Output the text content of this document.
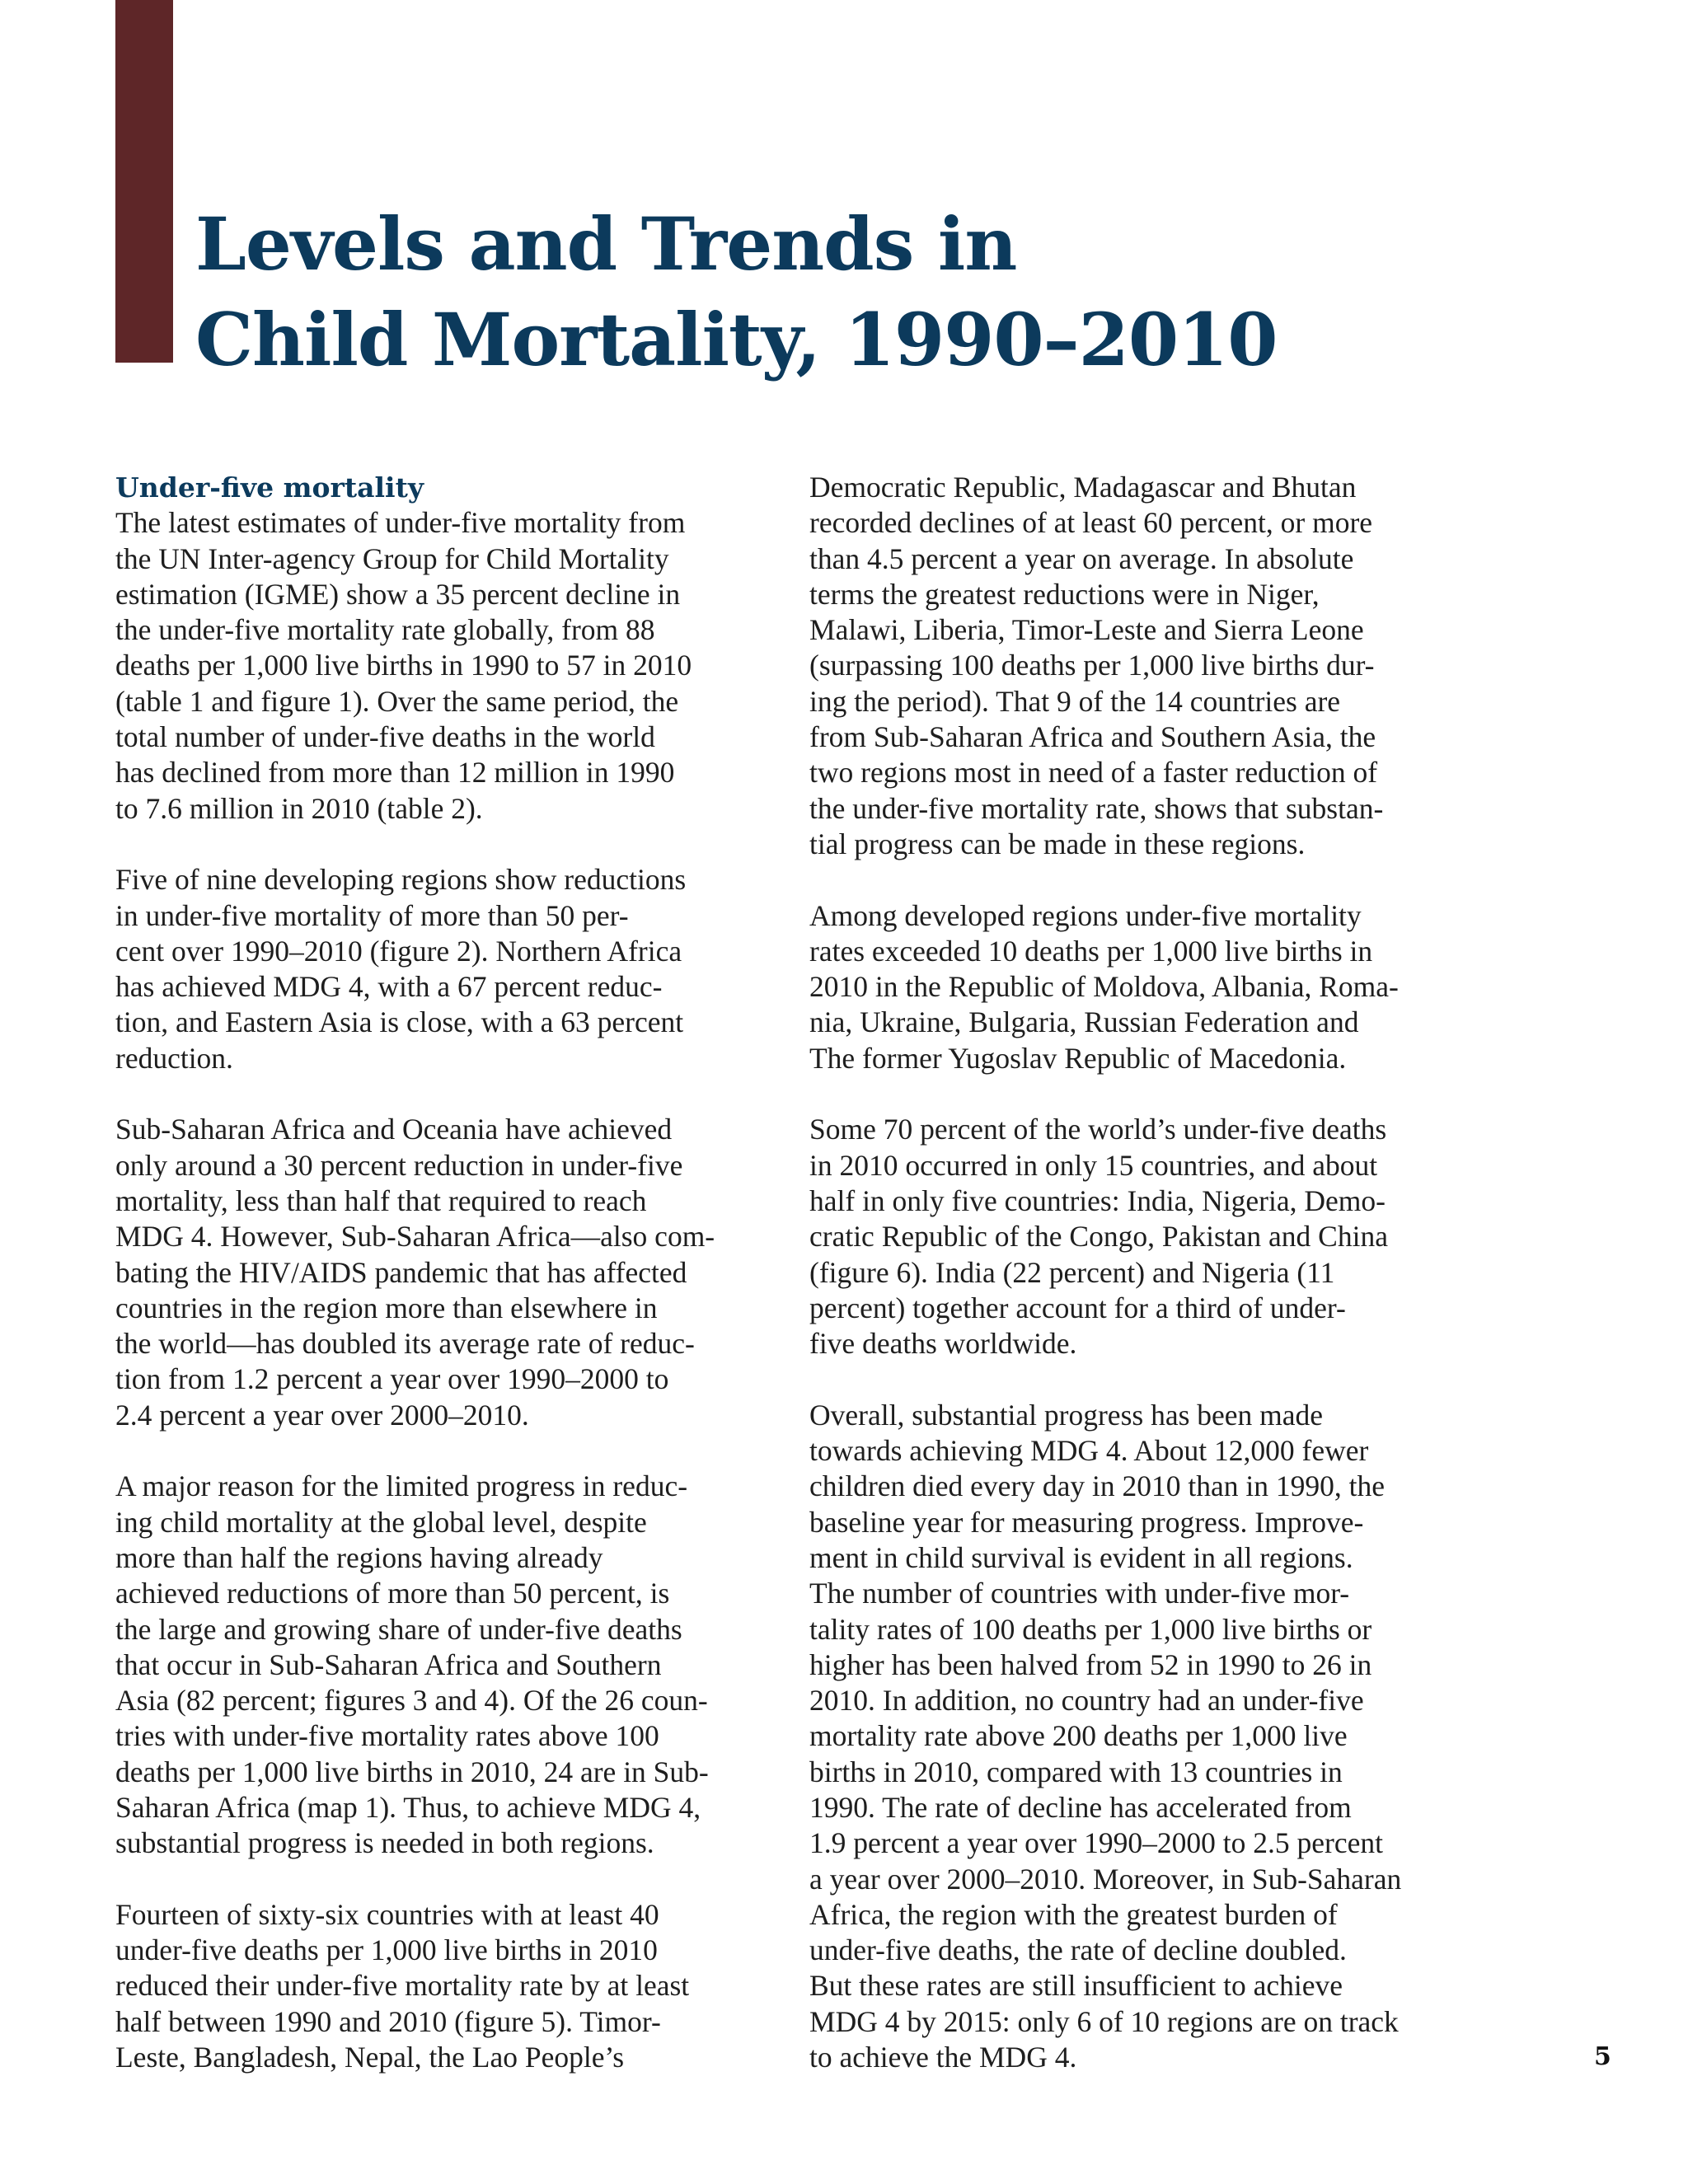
Levels and Trends in
Child Mortality, 1990–2010
Under-five mortality

The latest estimates of under-five mortality from
the UN Inter-agency Group for Child Mortality
estimation (IGME) show a 35 percent decline in
the under-five mortality rate globally, from 88
deaths per 1,000 live births in 1990 to 57 in 2010
(table 1 and figure 1). Over the same period, the
total number of under-five deaths in the world
has declined from more than 12 million in 1990
to 7.6 million in 2010 (table 2).

Five of nine developing regions show reductions
in under-five mortality of more than 50 per-
cent over 1990–2010 (figure 2). Northern Africa
has achieved MDG 4, with a 67 percent reduc-
tion, and Eastern Asia is close, with a 63 percent
reduction.

Sub-Saharan Africa and Oceania have achieved
only around a 30 percent reduction in under-five
mortality, less than half that required to reach
MDG 4. However, Sub-Saharan Africa—also com-
bating the HIV/AIDS pandemic that has affected
countries in the region more than elsewhere in
the world—has doubled its average rate of reduc-
tion from 1.2 percent a year over 1990–2000 to
2.4 percent a year over 2000–2010.

A major reason for the limited progress in reduc-
ing child mortality at the global level, despite
more than half the regions having already
achieved reductions of more than 50 percent, is
the large and growing share of under-five deaths
that occur in Sub-Saharan Africa and Southern
Asia (82 percent; figures 3 and 4). Of the 26 coun-
tries with under-five mortality rates above 100
deaths per 1,000 live births in 2010, 24 are in Sub-
Saharan Africa (map 1). Thus, to achieve MDG 4,
substantial progress is needed in both regions.

Fourteen of sixty-six countries with at least 40
under-five deaths per 1,000 live births in 2010
reduced their under-five mortality rate by at least
half between 1990 and 2010 (figure 5). Timor-
Leste, Bangladesh, Nepal, the Lao People’s

Democratic Republic, Madagascar and Bhutan
recorded declines of at least 60 percent, or more
than 4.5 percent a year on average. In absolute
terms the greatest reductions were in Niger,
Malawi, Liberia, Timor-Leste and Sierra Leone
(surpassing 100 deaths per 1,000 live births dur-
ing the period). That 9 of the 14 countries are
from Sub-Saharan Africa and Southern Asia, the
two regions most in need of a faster reduction of
the under-five mortality rate, shows that substan-
tial progress can be made in these regions.

Among developed regions under-five mortality
rates exceeded 10 deaths per 1,000 live births in
2010 in the Republic of Moldova, Albania, Roma-
nia, Ukraine, Bulgaria, Russian Federation and
The former Yugoslav Republic of Macedonia.

Some 70 percent of the world’s under-five deaths
in 2010 occurred in only 15 countries, and about
half in only five countries: India, Nigeria, Demo-
cratic Republic of the Congo, Pakistan and China
(figure 6). India (22 percent) and Nigeria (11
percent) together account for a third of under-
five deaths worldwide.

Overall, substantial progress has been made
towards achieving MDG 4. About 12,000 fewer
children died every day in 2010 than in 1990, the
baseline year for measuring progress. Improve-
ment in child survival is evident in all regions.
The number of countries with under-five mor-
tality rates of 100 deaths per 1,000 live births or
higher has been halved from 52 in 1990 to 26 in
2010. In addition, no country had an under-five
mortality rate above 200 deaths per 1,000 live
births in 2010, compared with 13 countries in
1990. The rate of decline has accelerated from
1.9 percent a year over 1990–2000 to 2.5 percent
a year over 2000–2010. Moreover, in Sub-Saharan
Africa, the region with the greatest burden of
under-five deaths, the rate of decline doubled.
But these rates are still insufficient to achieve
MDG 4 by 2015: only 6 of 10 regions are on track
to achieve the MDG 4.	5
